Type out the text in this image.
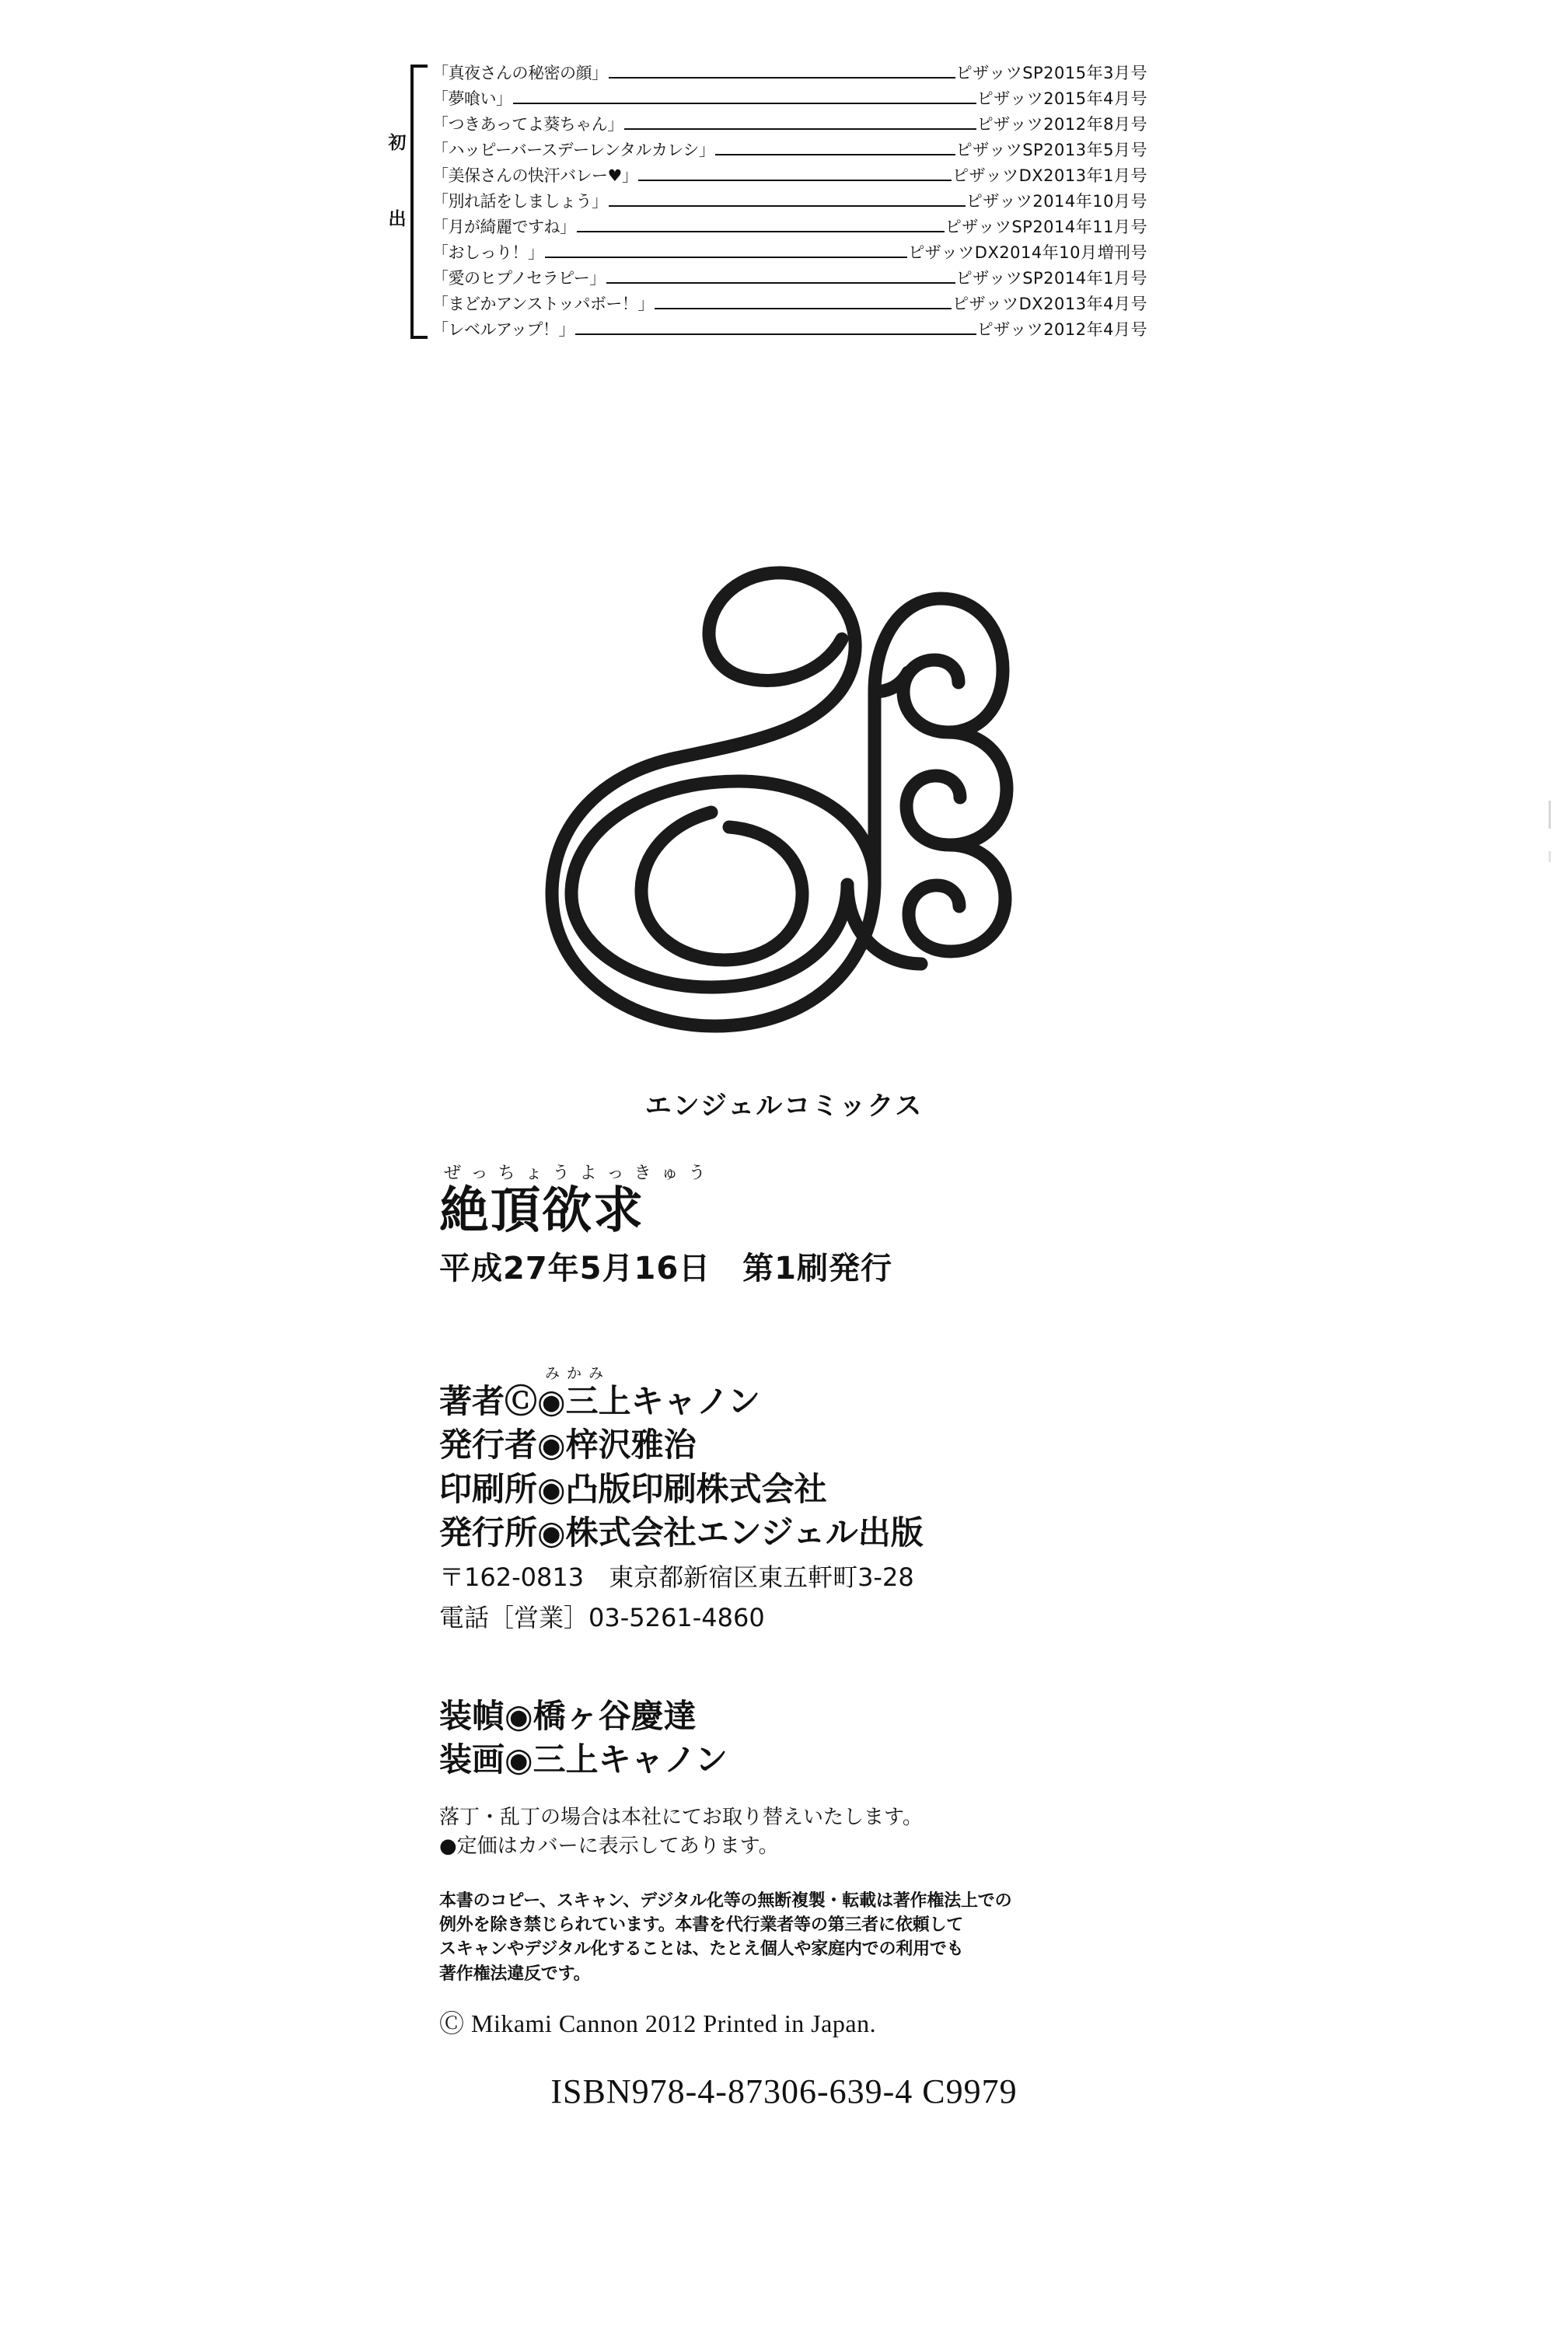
初
出
「真夜さんの秘密の顔」	ピザッツSP2015年3月号
「夢喰い」	ピザッツ2015年4月号
「つきあってよ葵ちゃん」	ピザッツ2012年8月号
「ハッピーバースデーレンタルカレシ」	ピザッツSP2013年5月号
「美保さんの快汗バレー♥」	ピザッツDX2013年1月号
「別れ話をしましょう」	ピザッツ2014年10月号
「月が綺麗ですね」	ピザッツSP2014年11月号
「おしっり！」	ピザッツDX2014年10月増刊号
「愛のヒプノセラピー」	ピザッツSP2014年1月号
「まどかアンストッパボー！」	ピザッツDX2013年4月号
「レベルアップ！」	ピザッツ2012年4月号
エンジェルコミックス
ぜっちょうよっきゅう
絶頂欲求
平成27年5月16日　第1刷発行
みかみ
著者Ⓒ◉三上キャノン
発行者◉梓沢雅治
印刷所◉凸版印刷株式会社
発行所◉株式会社エンジェル出版
〒162-0813　東京都新宿区東五軒町3-28
電話［営業］03-5261-4860
装幀◉橋ヶ谷慶達
装画◉三上キャノン
落丁・乱丁の場合は本社にてお取り替えいたします。
●定価はカバーに表示してあります。
本書のコピー、スキャン、デジタル化等の無断複製・転載は著作権法上での
例外を除き禁じられています。本書を代行業者等の第三者に依頼して
スキャンやデジタル化することは、たとえ個人や家庭内での利用でも
著作権法違反です。
Ⓒ Mikami Cannon 2012 Printed in Japan.
ISBN978-4-87306-639-4 C9979
